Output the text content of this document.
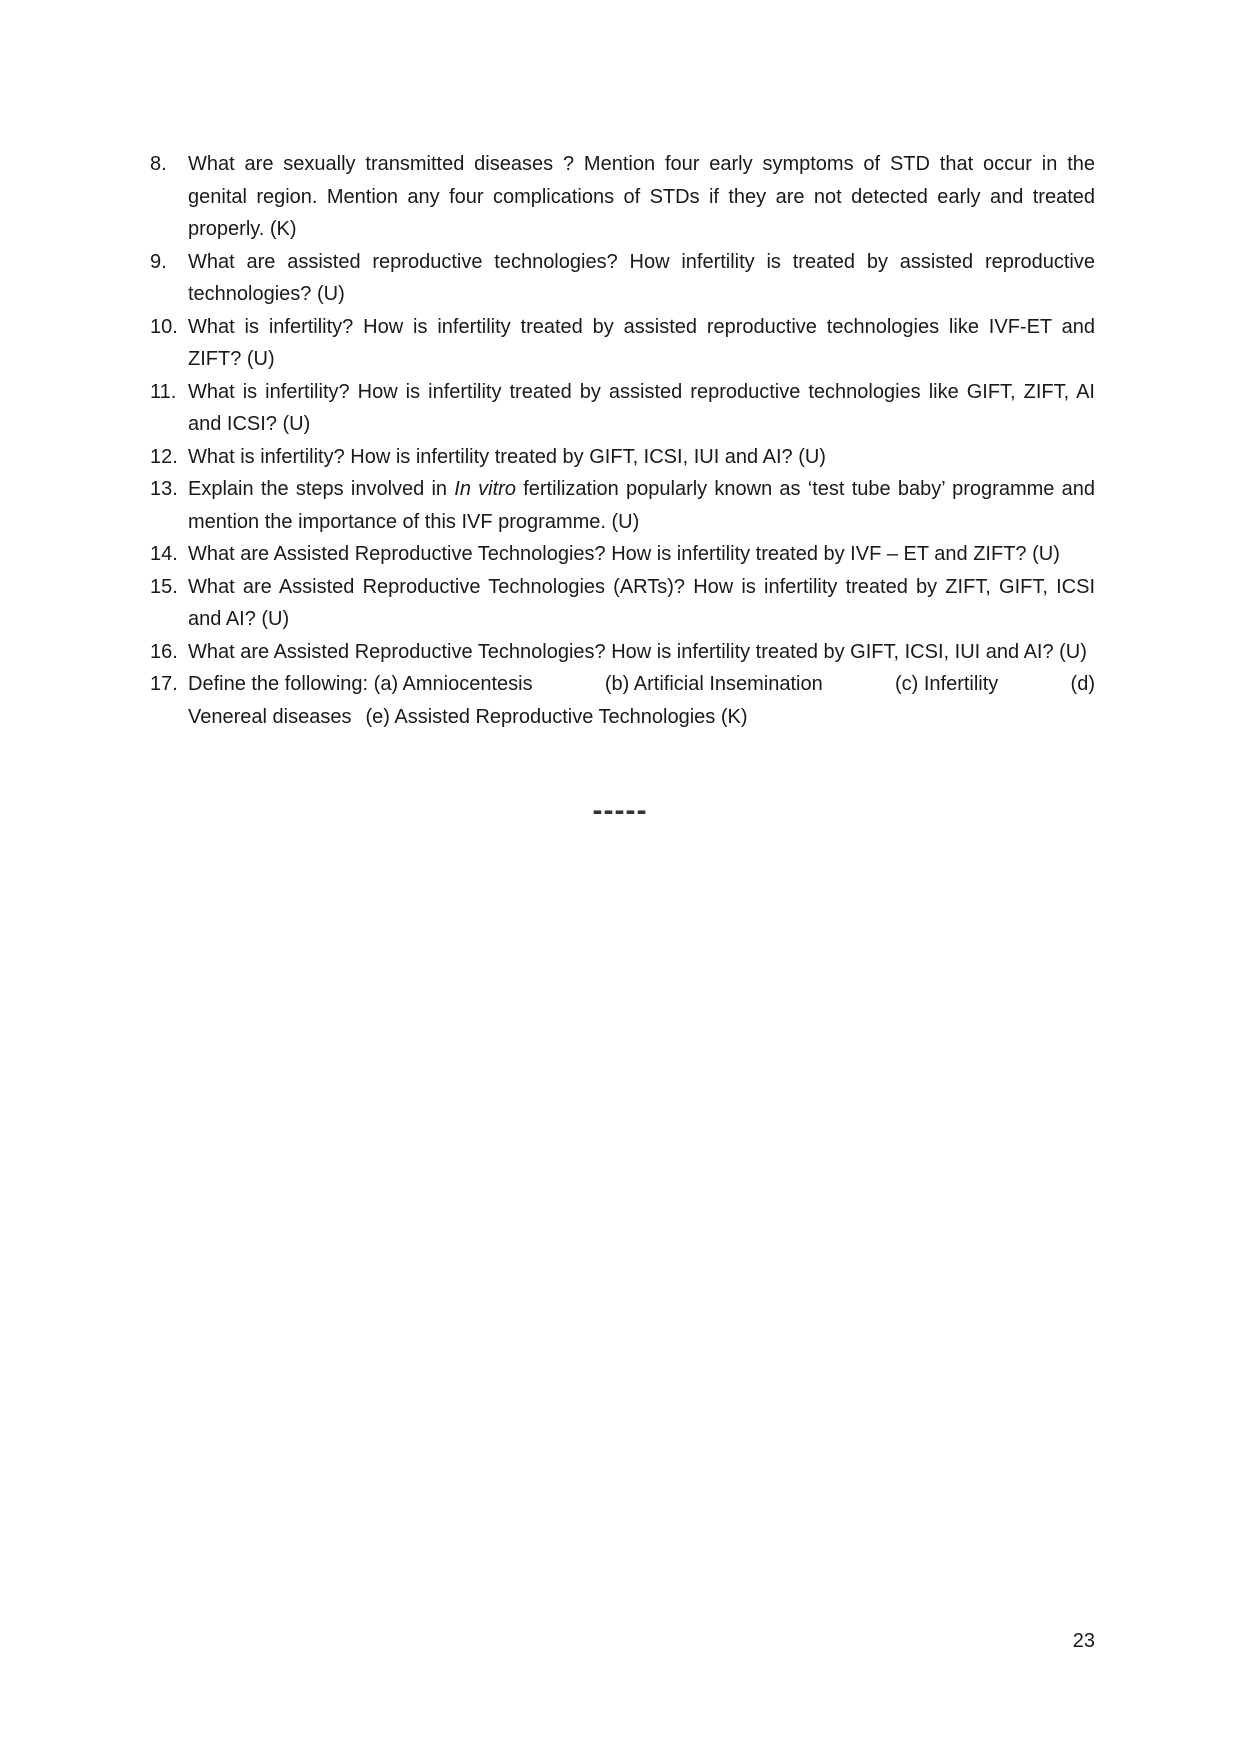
8.	What are sexually transmitted diseases ? Mention four early symptoms of STD that occur in the genital region. Mention any four complications of STDs if they are not detected early and treated properly. (K)
9.	What are assisted reproductive technologies? How infertility is treated by assisted reproductive technologies? (U)
10. What is infertility? How is infertility treated by assisted reproductive technologies like IVF-ET and ZIFT? (U)
11. What is infertility? How is infertility treated by assisted reproductive technologies like GIFT, ZIFT, AI and ICSI? (U)
12. What is infertility? How is infertility treated by GIFT, ICSI, IUI and AI? (U)
13. Explain the steps involved in In vitro fertilization popularly known as ‘test tube baby’ programme and mention the importance of this IVF programme. (U)
14. What are Assisted Reproductive Technologies? How is infertility treated by IVF – ET and ZIFT? (U)
15. What are Assisted Reproductive Technologies (ARTs)? How is infertility treated by ZIFT, GIFT, ICSI and AI? (U)
16. What are Assisted Reproductive Technologies? How is infertility treated by GIFT, ICSI, IUI and AI? (U)
17. Define the following: (a) Amniocentesis	(b) Artificial Insemination	(c) Infertility	(d)
Venereal diseases (e) Assisted Reproductive Technologies (K)
-----
23
